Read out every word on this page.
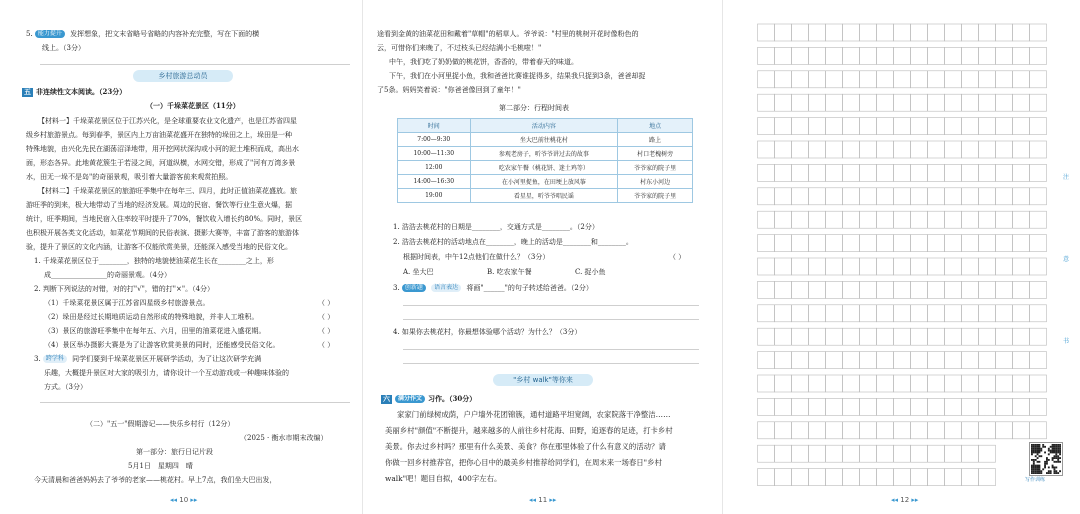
5. 能力提升 发挥想象，把文末省略号省略的内容补充完整，写在下面的横
线上。（3分）
乡村旅游总动员
五 非连续性文本阅读。（23分）
（一）千垛菜花景区（11分）
【材料一】千垛菜花景区位于江苏兴化，是全球重要农业文化遗产，也是江苏省四星
级乡村旅游景点。每到春季，景区内上万亩油菜花盛开在独特的垛田之上，垛田是一种
特殊地貌，由兴化先民在湖荡沼泽地带，用开挖网状深沟或小河的泥土堆积而成，高出水
面，形态各异。此地黄花簇生于若浸之间，河道纵横，水网交错，形成了"河有万湾多景
水，田无一垛不是岛"的奇丽景观，吸引着大量游客前来观赏拍照。
【材料二】千垛菜花景区的旅游旺季集中在每年三、四月，此时正值油菜花盛放。旅
游旺季的到来，极大地带动了当地的经济发展。周边的民宿、餐饮等行业生意火爆，据
统计，旺季期间，当地民宿入住率较平时提升了70%，餐饮收入增长约80%。同时，景区
也积极开展各类文化活动，如菜花节期间的民俗表演、摄影大赛等，丰富了游客的旅游体
验，提升了景区的文化内涵，让游客不仅能欣赏美景，还能深入感受当地的民俗文化。
1. 千垛菜花景区位于________，独特的地貌使油菜花生长在________之上，形
成________________的奇丽景观。（4分）
2. 判断下列说法的对错，对的打"√"，错的打"×"。（4分）
（1）千垛菜花景区属于江苏省四星级乡村旅游景点。	（ ）
（2）垛田是经过长期地质运动自然形成的特殊地貌，并非人工堆积。	（ ）
（3）景区的旅游旺季集中在每年五、六月，田里的油菜花进入盛花期。	（ ）
（4）景区举办摄影大赛是为了让游客欣赏美景的同时，还能感受民俗文化。	（ ）
3. 跨学科 同学们要到千垛菜花景区开展研学活动，为了让这次研学充满
乐趣，大概提升景区对大家的吸引力，请你设计一个互动游戏或一种趣味体验的
方式。（3分）
（二）"五一"假期游记——快乐乡村行（12分）
（2025 · 衡水市期末改编）
第一部分：旅行日记片段
5月1日　星期四　晴
今天清晨和爸爸妈妈去了爷爷的老家——桃花村。早上7点，我们坐大巴出发，
◂◂ 10 ▸▸
途看到金黄的油菜花田和戴着"草帽"的稻草人。爷爷说："村里的桃树开花时像粉色的
云，可惜你们来晚了，不过枝头已经结满小毛桃啦！"
中午，我们吃了奶奶做的桃花饼，香香的，带着春天的味道。
下午，我们在小河里捉小鱼，我和爸爸比赛谁捉得多，结果我只捉到3条，爸爸却捉
了5条。妈妈笑着说："你爸爸像回到了童年！"
第二部分：行程时间表
时间	活动内容	地点
7:00—9:30	坐大巴前往桃花村	路上
10:00—11:30	参观老房子，听爷爷讲过去的故事	村口老槐树旁
12:00	吃农家午餐（桃花饼、迷土鸡等）	爷爷家的院子里
14:00—16:30	在小河里捉鱼，在田埂上放风筝	村东小河边
19:00	看星星，听爷爷唱民谣	爷爷家的院子里
1. 浩浩去桃花村的日期是________，交通方式是________。（2分）
2. 浩浩去桃花村的活动地点在________，晚上的活动是________和________。
根据时间表，中午12点他们在做什么？（3分）	（ ）
A. 坐大巴	B. 吃农家午餐	C. 捉小鱼
3. 创新题 语言表达 将画"______"的句子转述给爸爸。（2分）
4. 如果你去桃花村，你最想体验哪个活动？为什么？（3分）
"乡村 walk"等你来
六 满分作文 习作。（30分）
家家门前绿树成荫，户户墙外花团锦簇，通村道路平坦宽阔，农家院落干净整洁……
美丽乡村"颜值"不断提升，越来越多的人前往乡村花海、田野，追逐春的足迹，打卡乡村
美景。你去过乡村吗？那里有什么美景、美食？你在那里体验了什么有意义的活动？请
你做一回乡村推荐官，把你心目中的最美乡村推荐给同学们，在周末来一场春日"乡村
walk"吧！题目自拟，400字左右。
◂◂ 11 ▸▸
注
意
书
写作训练
◂◂ 12 ▸▸
